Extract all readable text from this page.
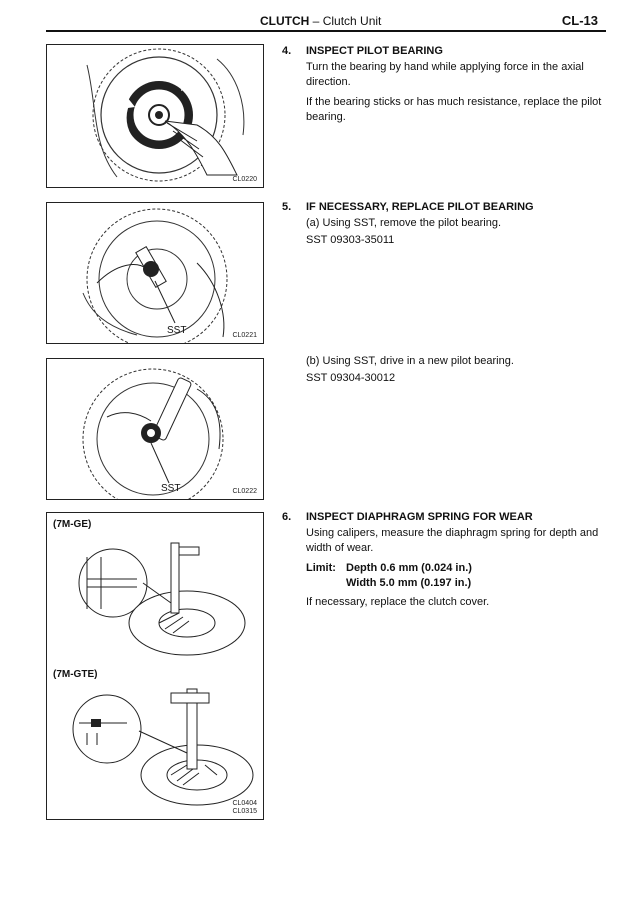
CLUTCH – Clutch Unit	CL-13
CL0220
SST	CL0221
SST	CL0222
(7M-GE)
(7M-GTE)
CL0404
CL0315
4. INSPECT PILOT BEARING

Turn the bearing by hand while applying force in the axial direction.

If the bearing sticks or has much resistance, replace the pilot bearing.

5. IF NECESSARY, REPLACE PILOT BEARING

(a) Using SST, remove the pilot bearing.

SST 09303-35011

(b) Using SST, drive in a new pilot bearing.

SST 09304-30012

6. INSPECT DIAPHRAGM SPRING FOR WEAR

Using calipers, measure the diaphragm spring for depth and width of wear.

Limit: Depth 0.6 mm (0.024 in.)
Width 5.0 mm (0.197 in.)

If necessary, replace the clutch cover.
